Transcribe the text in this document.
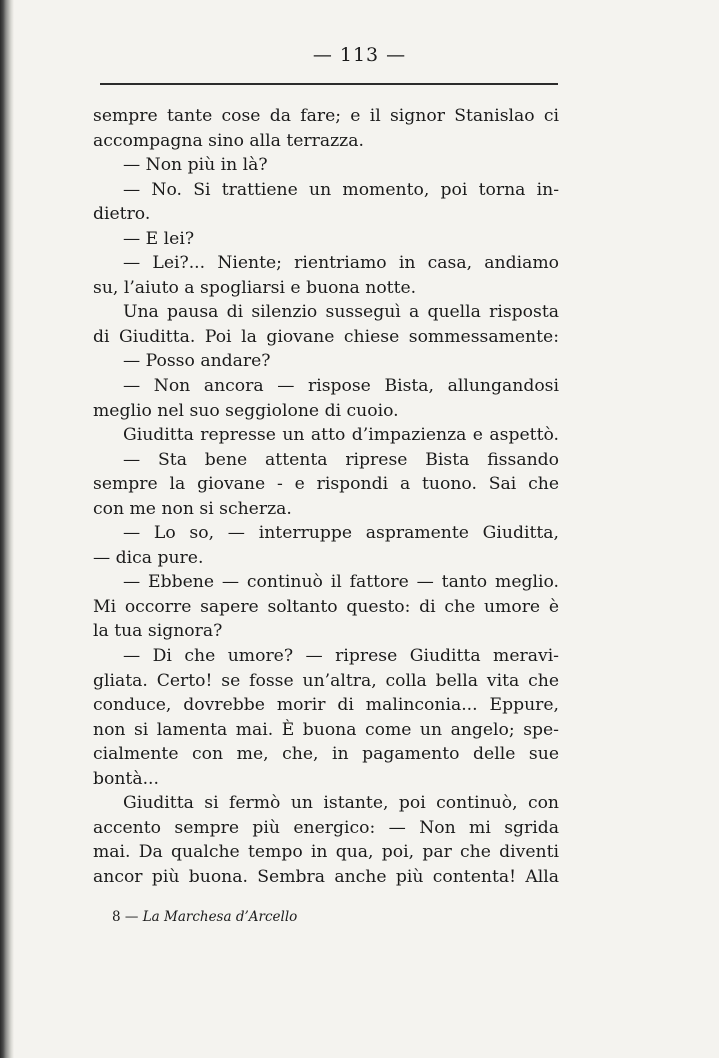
— 113 —
sempre tante cose da fare; e il signor Stanislao ci
accompagna sino alla terrazza.
— Non più in là?
— No. Si trattiene un momento, poi torna in-
dietro.
— E lei?
— Lei?... Niente; rientriamo in casa, andiamo
su, l’aiuto a spogliarsi e buona notte.
Una pausa di silenzio susseguì a quella risposta
di Giuditta. Poi la giovane chiese sommessamente:
— Posso andare?
— Non ancora — rispose Bista, allungandosi
meglio nel suo seggiolone di cuoio.
Giuditta represse un atto d’impazienza e aspettò.
— Sta bene attenta riprese Bista fissando
sempre la giovane - e rispondi a tuono. Sai che
con me non si scherza.
— Lo so, — interruppe aspramente Giuditta,
— dica pure.
— Ebbene — continuò il fattore — tanto meglio.
Mi occorre sapere soltanto questo: di che umore è
la tua signora?
— Di che umore? — riprese Giuditta meravi-
gliata. Certo! se fosse un’altra, colla bella vita che
conduce, dovrebbe morir di malinconia... Eppure,
non si lamenta mai. È buona come un angelo; spe-
cialmente con me, che, in pagamento delle sue
bontà...
Giuditta si fermò un istante, poi continuò, con
accento sempre più energico: — Non mi sgrida
mai. Da qualche tempo in qua, poi, par che diventi
ancor più buona. Sembra anche più contenta! Alla
8 — La Marchesa d’Arcello
